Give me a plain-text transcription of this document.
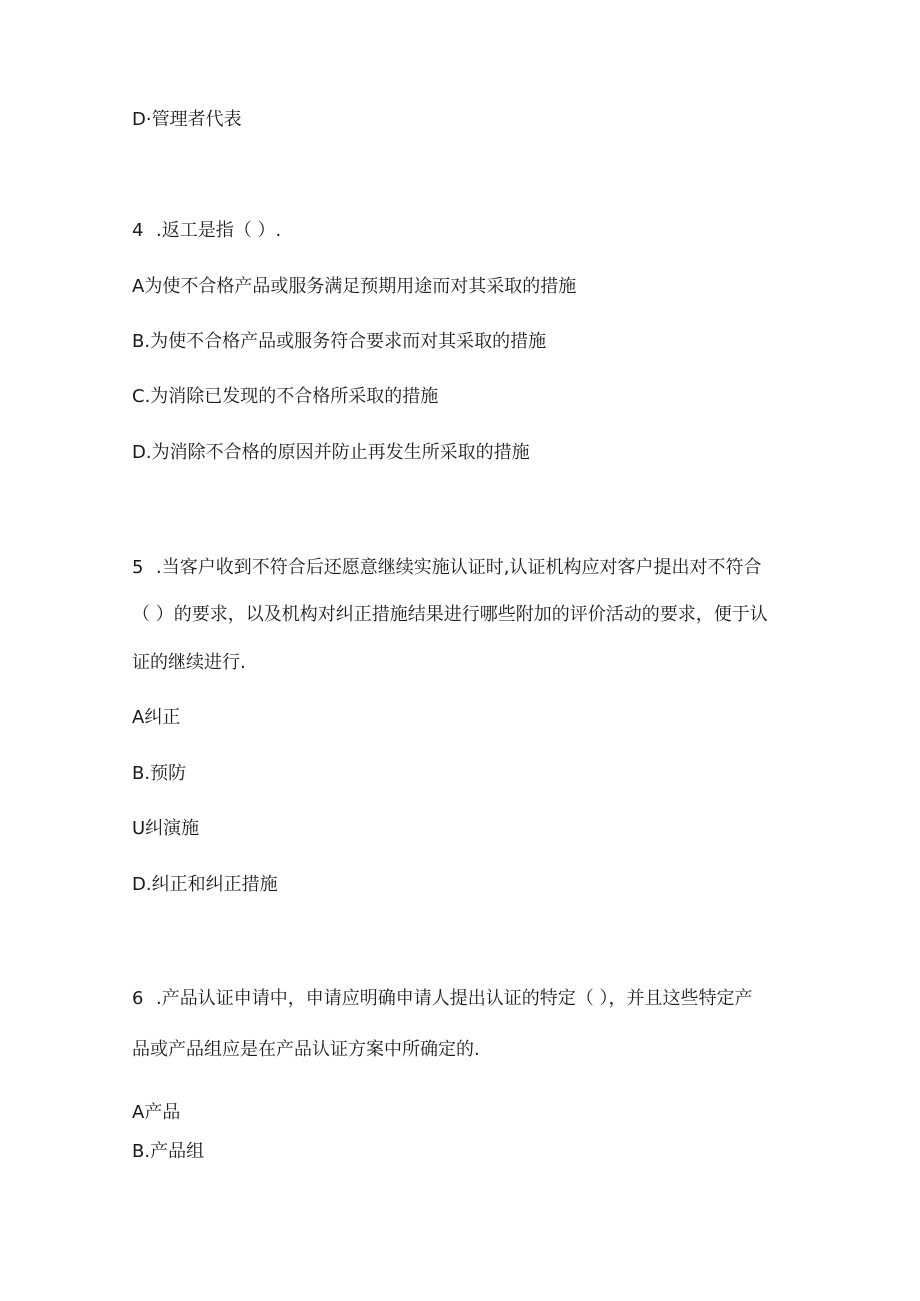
D·管理者代表
4 .返工是指（ ）.
A为使不合格产品或服务满足预期用途而对其采取的措施
B.为使不合格产品或服务符合要求而对其采取的措施
C.为消除已发现的不合格所采取的措施
D.为消除不合格的原因并防止再发生所采取的措施
5 .当客户收到不符合后还愿意继续实施认证时,认证机构应对客户提出对不符合
（ ）的要求，以及机构对纠正措施结果进行哪些附加的评价活动的要求，便于认
证的继续进行.
A纠正
B.预防
U纠演施
D.纠正和纠正措施
6 .产品认证申请中，申请应明确申请人提出认证的特定（ ），并且这些特定产
品或产品组应是在产品认证方案中所确定的.
A产品
B.产品组
